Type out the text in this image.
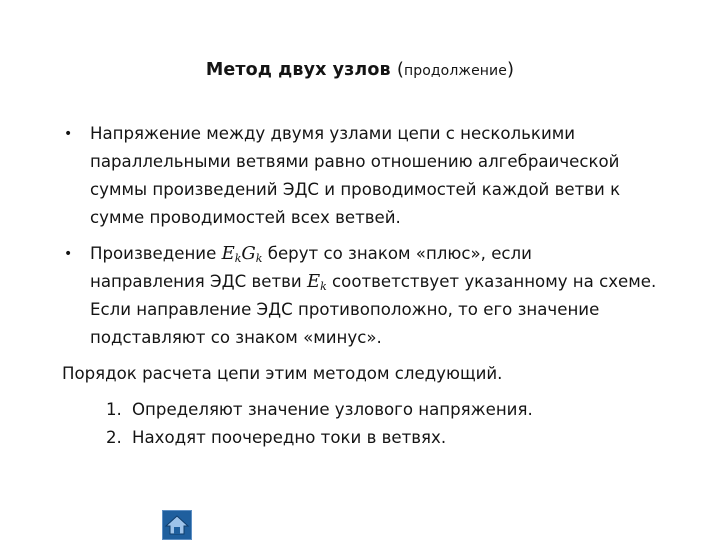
Метод двух узлов (продолжение)
•	Напряжение между двумя узлами цепи с несколькими
параллельными ветвями равно отношению алгебраической
суммы произведений ЭДС и проводимостей каждой ветви к
сумме проводимостей всех ветвей.
•	Произведение $E_kG_k$ берут со знаком «плюс», если
направления ЭДС ветви $E_k$ соответствует указанному на схеме.
Если направление ЭДС противоположно, то его значение
подставляют со знаком «минус».
Порядок расчета цепи этим методом следующий.
1. Определяют значение узлового напряжения.
2. Находят поочередно токи в ветвях.
